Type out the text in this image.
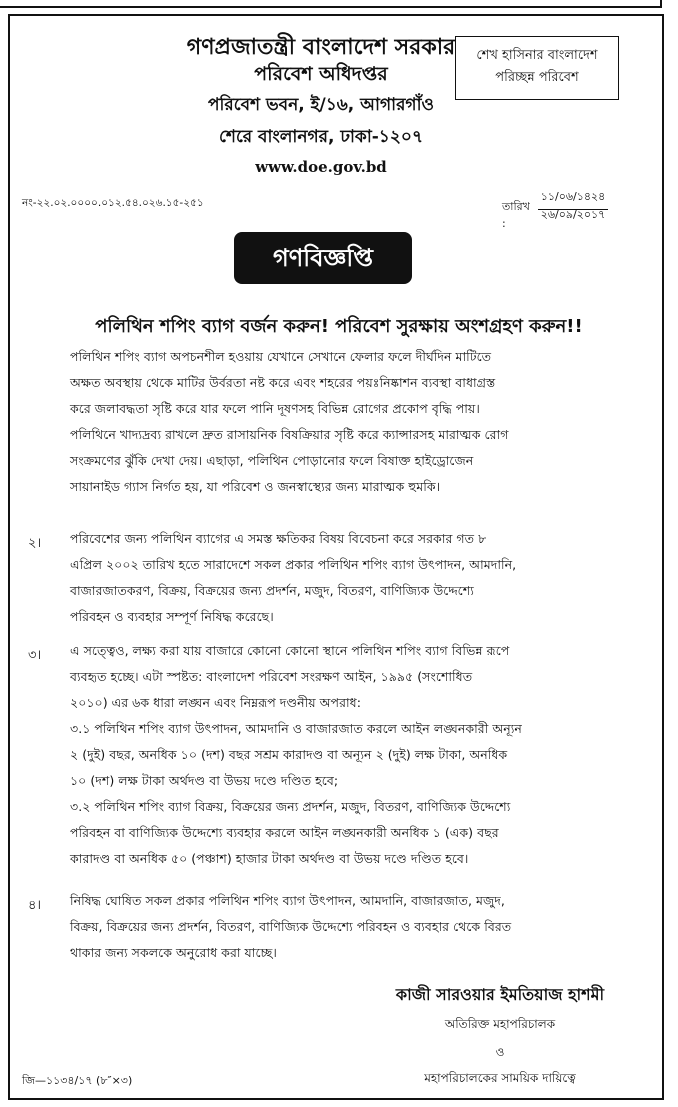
গণপ্রজাতন্ত্রী বাংলাদেশ সরকার
পরিবেশ অধিদপ্তর
পরিবেশ ভবন, ই/১৬, আগারগাঁও
শেরে বাংলানগর, ঢাকা-১২০৭
www.doe.gov.bd
শেখ হাসিনার বাংলাদেশ
পরিচ্ছন্ন পরিবেশ
নং-২২.০২.০০০০.০১২.৫৪.০২৬.১৫-২৫১	তারিখ :
১১/০৬/১৪২৪
২৬/০৯/২০১৭
গণবিজ্ঞপ্তি
পলিথিন শপিং ব্যাগ বর্জন করুন! পরিবেশ সুরক্ষায় অংশগ্রহণ করুন!!
পলিথিন শপিং ব্যাগ অপচনশীল হওয়ায় যেখানে সেখানে ফেলার ফলে দীর্ঘদিন মাটিতে
অক্ষত অবস্থায় থেকে মাটির উর্বরতা নষ্ট করে এবং শহরের পয়ঃনিষ্কাশন ব্যবস্থা বাধাগ্রস্ত
করে জলাবদ্ধতা সৃষ্টি করে যার ফলে পানি দূষণসহ বিভিন্ন রোগের প্রকোপ বৃদ্ধি পায়।
পলিথিনে খাদ্যদ্রব্য রাখলে দ্রুত রাসায়নিক বিষক্রিয়ার সৃষ্টি করে ক্যান্সারসহ মারাত্মক রোগ
সংক্রমণের ঝুঁকি দেখা দেয়। এছাড়া, পলিথিন পোড়ানোর ফলে বিষাক্ত হাইড্রোজেন
সায়ানাইড গ্যাস নির্গত হয়, যা পরিবেশ ও জনস্বাস্থ্যের জন্য মারাত্মক হুমকি।
২। পরিবেশের জন্য পলিথিন ব্যাগের এ সমস্ত ক্ষতিকর বিষয় বিবেচনা করে সরকার গত ৮
এপ্রিল ২০০২ তারিখ হতে সারাদেশে সকল প্রকার পলিথিন শপিং ব্যাগ উৎপাদন, আমদানি,
বাজারজাতকরণ, বিক্রয়, বিক্রয়ের জন্য প্রদর্শন, মজুদ, বিতরণ, বাণিজ্যিক উদ্দেশ্যে
পরিবহন ও ব্যবহার সম্পূর্ণ নিষিদ্ধ করেছে।
৩। এ সত্ত্বেও, লক্ষ্য করা যায় বাজারে কোনো কোনো স্থানে পলিথিন শপিং ব্যাগ বিভিন্ন রূপে
ব্যবহৃত হচ্ছে। এটা স্পষ্টত: বাংলাদেশ পরিবেশ সংরক্ষণ আইন, ১৯৯৫ (সংশোধিত
২০১০) এর ৬ক ধারা লঙ্ঘন এবং নিম্নরূপ দণ্ডনীয় অপরাধ:
৩.১ পলিথিন শপিং ব্যাগ উৎপাদন, আমদানি ও বাজারজাত করলে আইন লঙ্ঘনকারী অন্যূন
২ (দুই) বছর, অনধিক ১০ (দশ) বছর সশ্রম কারাদণ্ড বা অন্যূন ২ (দুই) লক্ষ টাকা, অনধিক
১০ (দশ) লক্ষ টাকা অর্থদণ্ড বা উভয় দণ্ডে দণ্ডিত হবে;
৩.২ পলিথিন শপিং ব্যাগ বিক্রয়, বিক্রয়ের জন্য প্রদর্শন, মজুদ, বিতরণ, বাণিজ্যিক উদ্দেশ্যে
পরিবহন বা বাণিজ্যিক উদ্দেশ্যে ব্যবহার করলে আইন লঙ্ঘনকারী অনধিক ১ (এক) বছর
কারাদণ্ড বা অনধিক ৫০ (পঞ্চাশ) হাজার টাকা অর্থদণ্ড বা উভয় দণ্ডে দণ্ডিত হবে।
৪। নিষিদ্ধ ঘোষিত সকল প্রকার পলিথিন শপিং ব্যাগ উৎপাদন, আমদানি, বাজারজাত, মজুদ,
বিক্রয়, বিক্রয়ের জন্য প্রদর্শন, বিতরণ, বাণিজ্যিক উদ্দেশ্যে পরিবহন ও ব্যবহার থেকে বিরত
থাকার জন্য সকলকে অনুরোধ করা যাচ্ছে।
কাজী সারওয়ার ইমতিয়াজ হাশমী
অতিরিক্ত মহাপরিচালক
ও
মহাপরিচালকের সাময়িক দায়িত্বে
জি—১১৩৪/১৭ (৮″×৩)
